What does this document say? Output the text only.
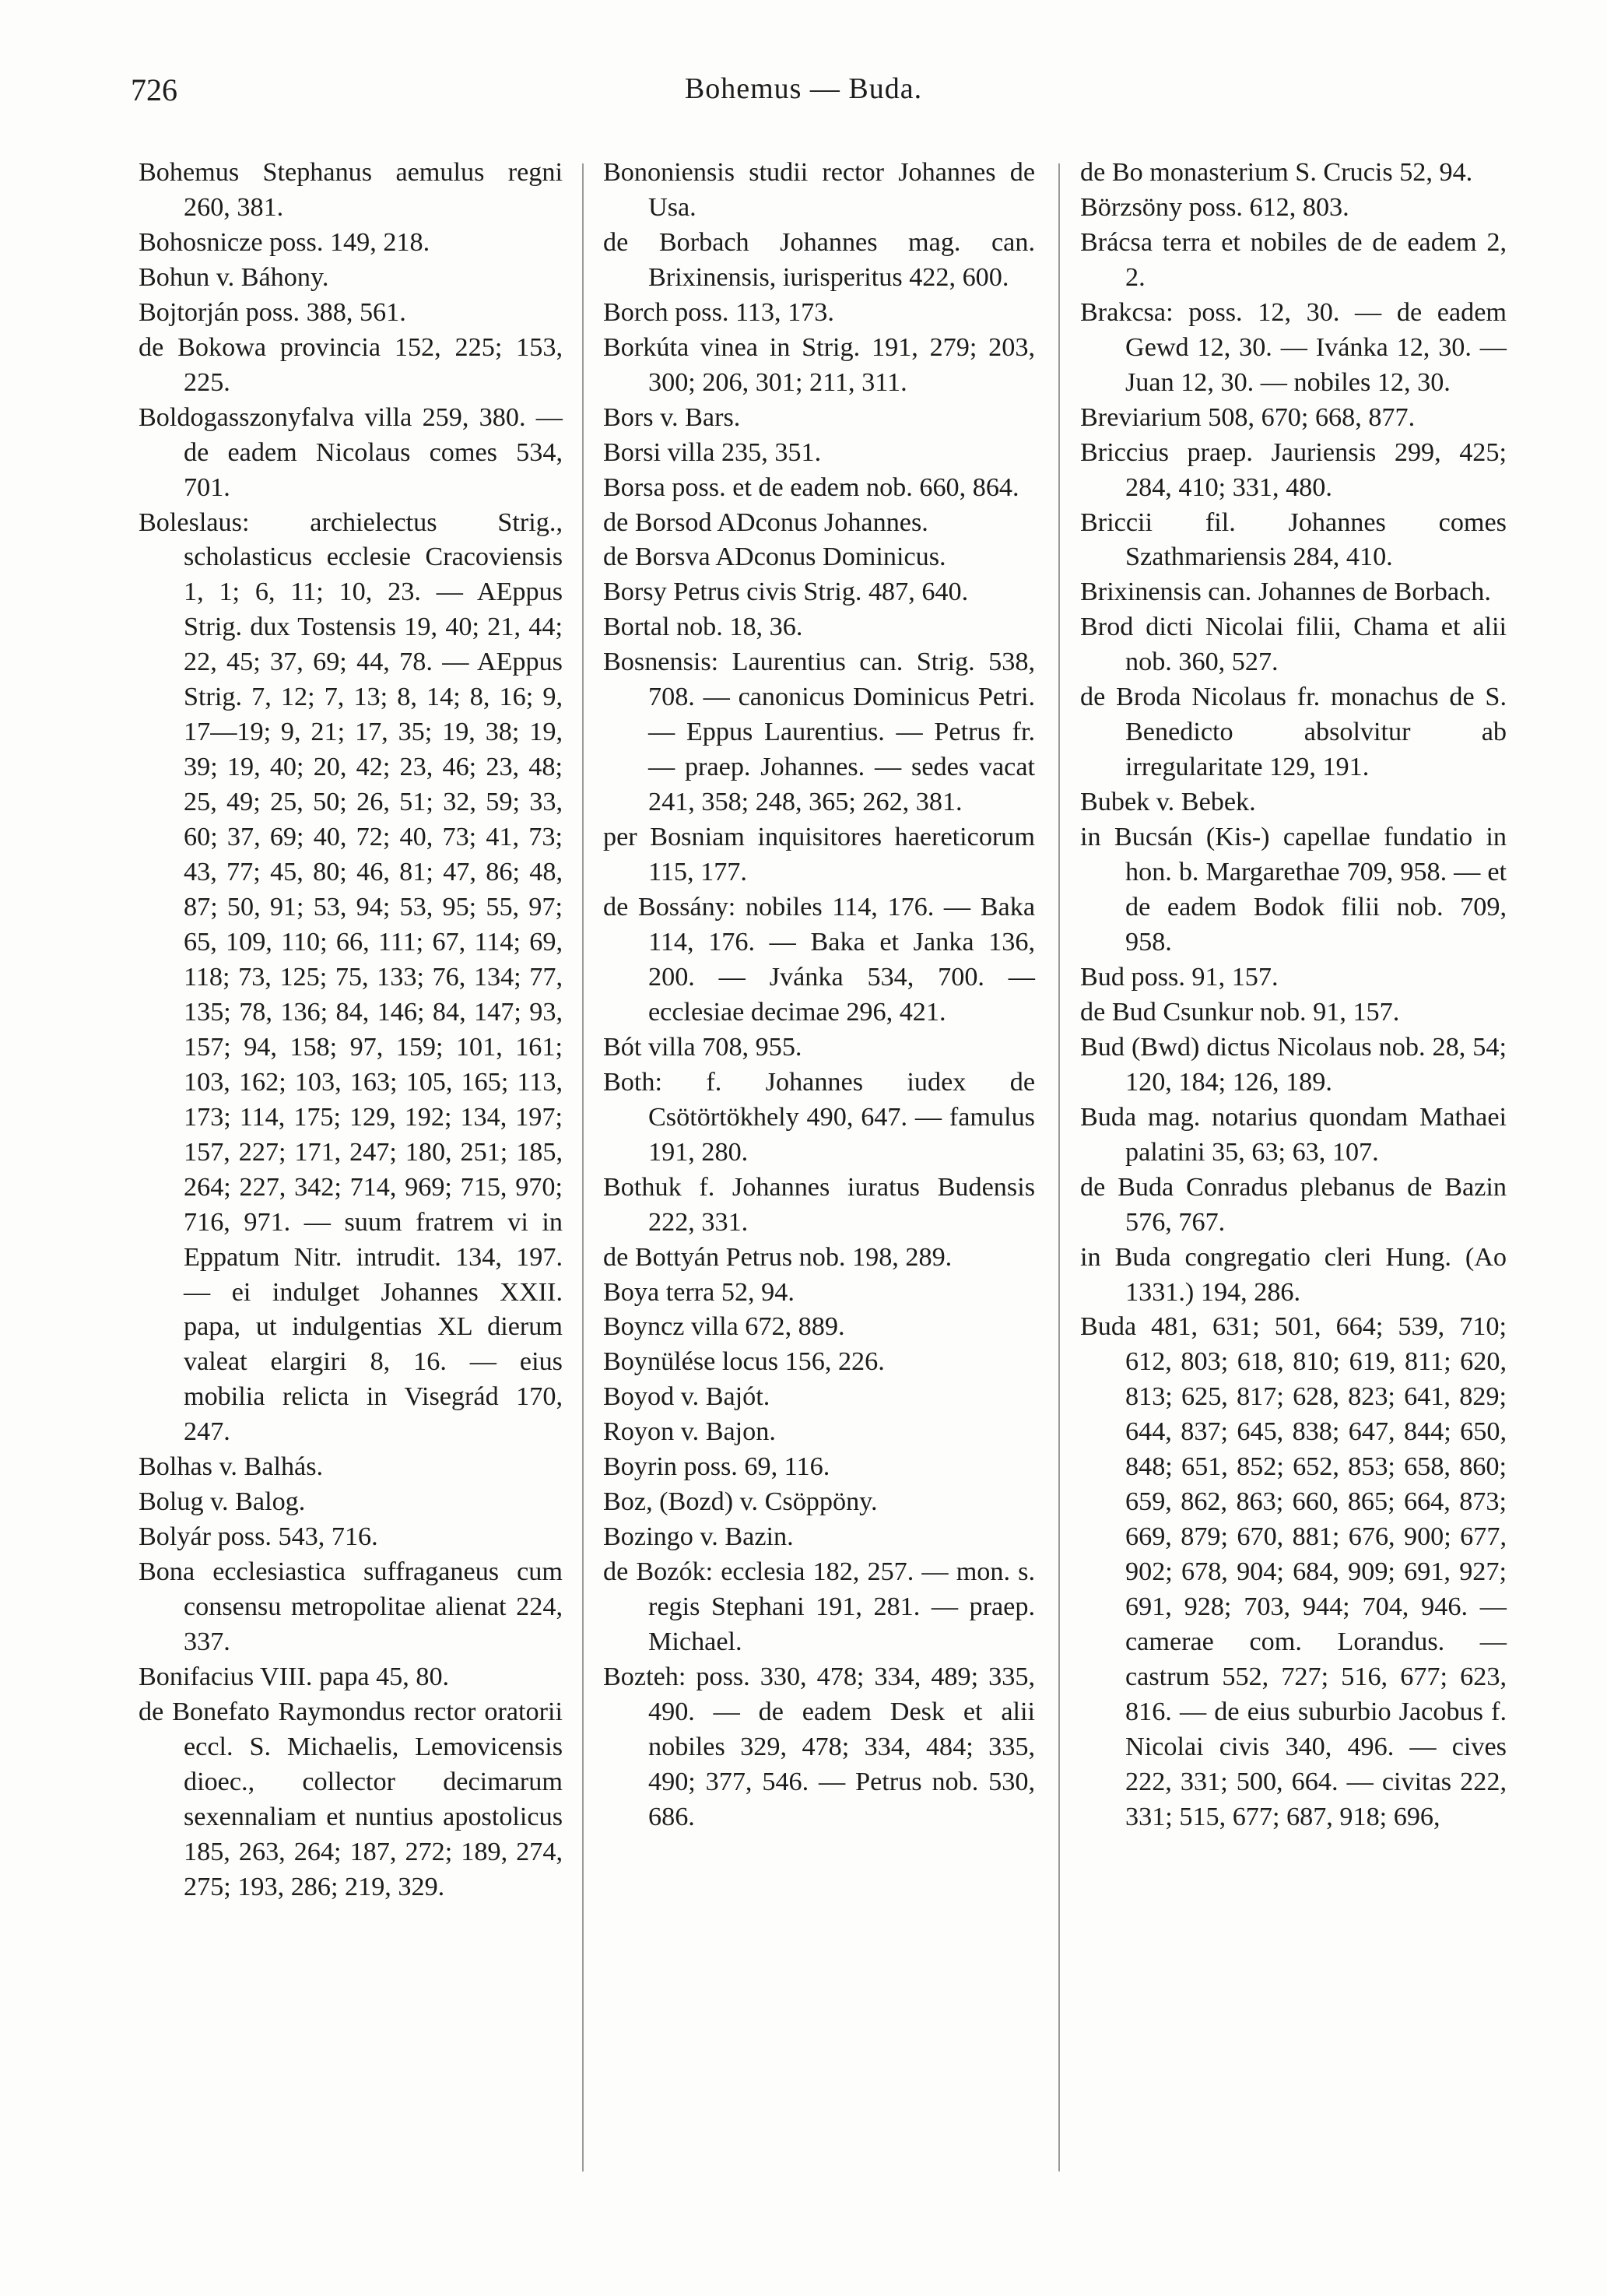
726	Bohemus — Buda.

Bohemus Stephanus aemulus regni 260, 381.

Bohosnicze poss. 149, 218.

Bohun v. Báhony.

Bojtorján poss. 388, 561.

de Bokowa provincia 152, 225; 153, 225.

Boldogasszonyfalva villa 259, 380. — de eadem Nicolaus comes 534, 701.

Boleslaus: archielectus Strig., scholasticus ecclesie Cracoviensis 1, 1; 6, 11; 10, 23. — AEppus Strig. dux Tostensis 19, 40; 21, 44; 22, 45; 37, 69; 44, 78. — AEppus Strig. 7, 12; 7, 13; 8, 14; 8, 16; 9, 17—19; 9, 21; 17, 35; 19, 38; 19, 39; 19, 40; 20, 42; 23, 46; 23, 48; 25, 49; 25, 50; 26, 51; 32, 59; 33, 60; 37, 69; 40, 72; 40, 73; 41, 73; 43, 77; 45, 80; 46, 81; 47, 86; 48, 87; 50, 91; 53, 94; 53, 95; 55, 97; 65, 109, 110; 66, 111; 67, 114; 69, 118; 73, 125; 75, 133; 76, 134; 77, 135; 78, 136; 84, 146; 84, 147; 93, 157; 94, 158; 97, 159; 101, 161; 103, 162; 103, 163; 105, 165; 113, 173; 114, 175; 129, 192; 134, 197; 157, 227; 171, 247; 180, 251; 185, 264; 227, 342; 714, 969; 715, 970; 716, 971. — suum fratrem vi in Eppatum Nitr. intrudit. 134, 197. — ei indulget Johannes XXII. papa, ut indulgentias XL dierum valeat elargiri 8, 16. — eius mobilia relicta in Visegrád 170, 247.

Bolhas v. Balhás.

Bolug v. Balog.

Bolyár poss. 543, 716.

Bona ecclesiastica suffraganeus cum consensu metropolitae alienat 224, 337.

Bonifacius VIII. papa 45, 80.

de Bonefato Raymondus rector oratorii eccl. S. Michaelis, Lemovicensis dioec., collector decimarum sexennaliam et nuntius apostolicus 185, 263, 264; 187, 272; 189, 274, 275; 193, 286; 219, 329.

Bononiensis studii rector Johannes de Usa.

de Borbach Johannes mag. can. Brixinensis, iurisperitus 422, 600.

Borch poss. 113, 173.

Borkúta vinea in Strig. 191, 279; 203, 300; 206, 301; 211, 311.

Bors v. Bars.

Borsi villa 235, 351.

Borsa poss. et de eadem nob. 660, 864.

de Borsod ADconus Johannes.

de Borsva ADconus Dominicus.

Borsy Petrus civis Strig. 487, 640.

Bortal nob. 18, 36.

Bosnensis: Laurentius can. Strig. 538, 708. — canonicus Dominicus Petri. — Eppus Laurentius. — Petrus fr. — praep. Johannes. — sedes vacat 241, 358; 248, 365; 262, 381.

per Bosniam inquisitores haereticorum 115, 177.

de Bossány: nobiles 114, 176. — Baka 114, 176. — Baka et Janka 136, 200. — Jvánka 534, 700. — ecclesiae decimae 296, 421.

Bót villa 708, 955.

Both: f. Johannes iudex de Csötörtökhely 490, 647. — famulus 191, 280.

Bothuk f. Johannes iuratus Budensis 222, 331.

de Bottyán Petrus nob. 198, 289.

Boya terra 52, 94.

Boyncz villa 672, 889.

Boynülése locus 156, 226.

Boyod v. Bajót.

Royon v. Bajon.

Boyrin poss. 69, 116.

Boz, (Bozd) v. Csöppöny.

Bozingo v. Bazin.

de Bozók: ecclesia 182, 257. — mon. s. regis Stephani 191, 281. — praep. Michael.

Bozteh: poss. 330, 478; 334, 489; 335, 490. — de eadem Desk et alii nobiles 329, 478; 334, 484; 335, 490; 377, 546. — Petrus nob. 530, 686.

de Bo monasterium S. Crucis 52, 94.

Börzsöny poss. 612, 803.

Brácsa terra et nobiles de de eadem 2, 2.

Brakcsa: poss. 12, 30. — de eadem Gewd 12, 30. — Ivánka 12, 30. — Juan 12, 30. — nobiles 12, 30.

Breviarium 508, 670; 668, 877.

Briccius praep. Jauriensis 299, 425; 284, 410; 331, 480.

Briccii fil. Johannes comes Szathmariensis 284, 410.

Brixinensis can. Johannes de Borbach.

Brod dicti Nicolai filii, Chama et alii nob. 360, 527.

de Broda Nicolaus fr. monachus de S. Benedicto absolvitur ab irregularitate 129, 191.

Bubek v. Bebek.

in Bucsán (Kis-) capellae fundatio in hon. b. Margarethae 709, 958. — et de eadem Bodok filii nob. 709, 958.

Bud poss. 91, 157.

de Bud Csunkur nob. 91, 157.

Bud (Bwd) dictus Nicolaus nob. 28, 54; 120, 184; 126, 189.

Buda mag. notarius quondam Mathaei palatini 35, 63; 63, 107.

de Buda Conradus plebanus de Bazin 576, 767.

in Buda congregatio cleri Hung. (Ao 1331.) 194, 286.

Buda 481, 631; 501, 664; 539, 710; 612, 803; 618, 810; 619, 811; 620, 813; 625, 817; 628, 823; 641, 829; 644, 837; 645, 838; 647, 844; 650, 848; 651, 852; 652, 853; 658, 860; 659, 862, 863; 660, 865; 664, 873; 669, 879; 670, 881; 676, 900; 677, 902; 678, 904; 684, 909; 691, 927; 691, 928; 703, 944; 704, 946. — camerae com. Lorandus. — castrum 552, 727; 516, 677; 623, 816. — de eius suburbio Jacobus f. Nicolai civis 340, 496. — cives 222, 331; 500, 664. — civitas 222, 331; 515, 677; 687, 918; 696,
